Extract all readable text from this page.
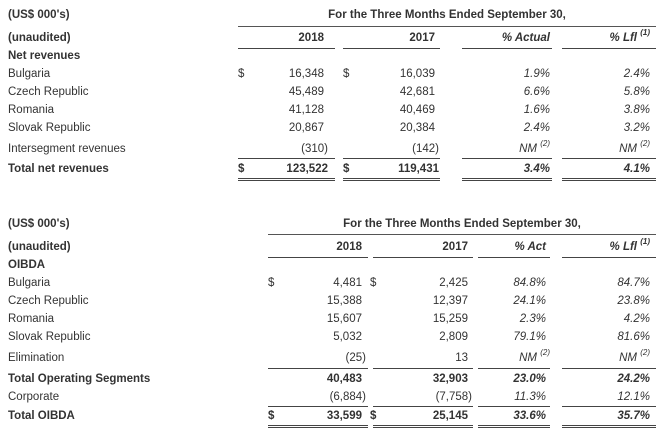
(US$ 000's)	For the Three Months Ended September 30,
(unaudited)	2018	2017	% Actual	% Lfl $^{(1)}$
Net revenues
Bulgaria	$	16,348 $	16,039	1.9%	2.4%
Czech Republic	45,489	42,681	6.6%	5.8%
Romania	41,128	40,469	1.6%	3.8%
Slovak Republic	20,867	20,384	2.4%	3.2%
Intersegment revenues	(310)	(142)	NM $^{(2)}$	NM $^{(2)}$
Total net revenues	$	123,522 $	119,431	3.4%	4.1%
(US$ 000's)	For the Three Months Ended September 30,
(unaudited)	2018	2017	% Act	% Lfl $^{(1)}$
OIBDA
Bulgaria	$	4,481 $	2,425	84.8%	84.7%
Czech Republic	15,388	12,397	24.1%	23.8%
Romania	15,607	15,259	2.3%	4.2%
Slovak Republic	5,032	2,809	79.1%	81.6%
Elimination	(25)	13	NM $^{(2)}$	NM $^{(2)}$
Total Operating Segments	40,483	32,903	23.0%	24.2%
Corporate	(6,884)	(7,758)	11.3%	12.1%
Total OIBDA	$	33,599 $	25,145	33.6%	35.7%
